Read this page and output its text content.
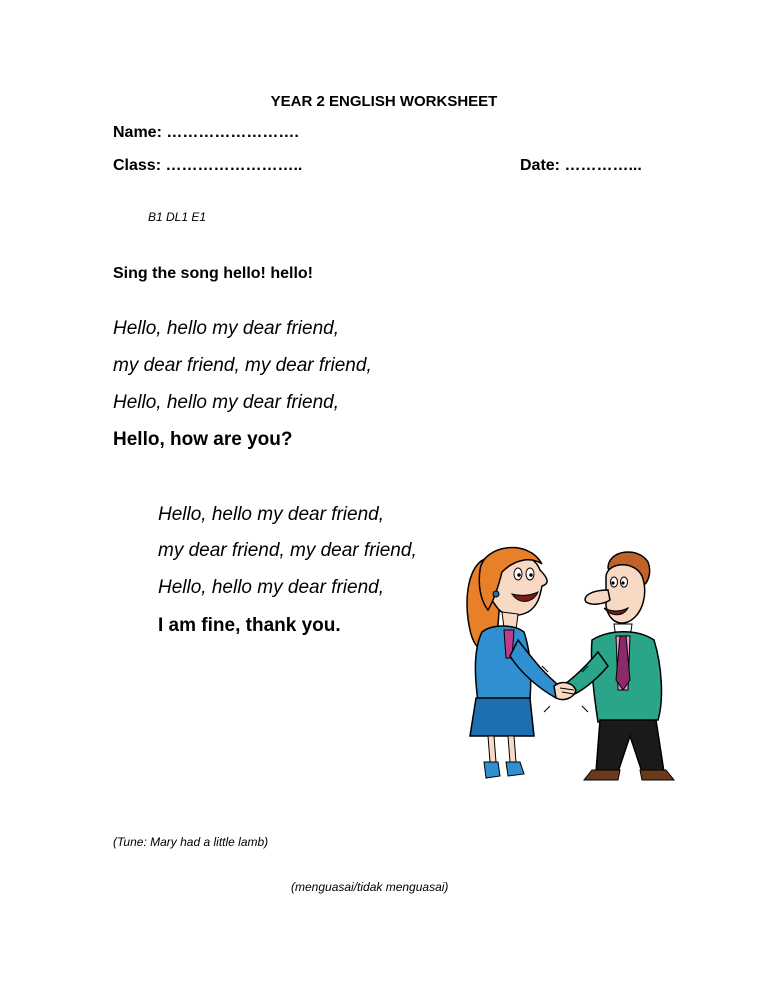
YEAR 2 ENGLISH WORKSHEET
Name: …………………….
Class: ……………………..	Date: …………...
B1 DL1 E1
Sing the song hello! hello!
Hello, hello my dear friend,
my dear friend, my dear friend,
Hello, hello my dear friend,
Hello, how are you?
Hello, hello my dear friend,
my dear friend, my dear friend,
Hello, hello my dear friend,
I am fine, thank you.
(Tune: Mary had a little lamb)
(menguasai/tidak menguasai)
